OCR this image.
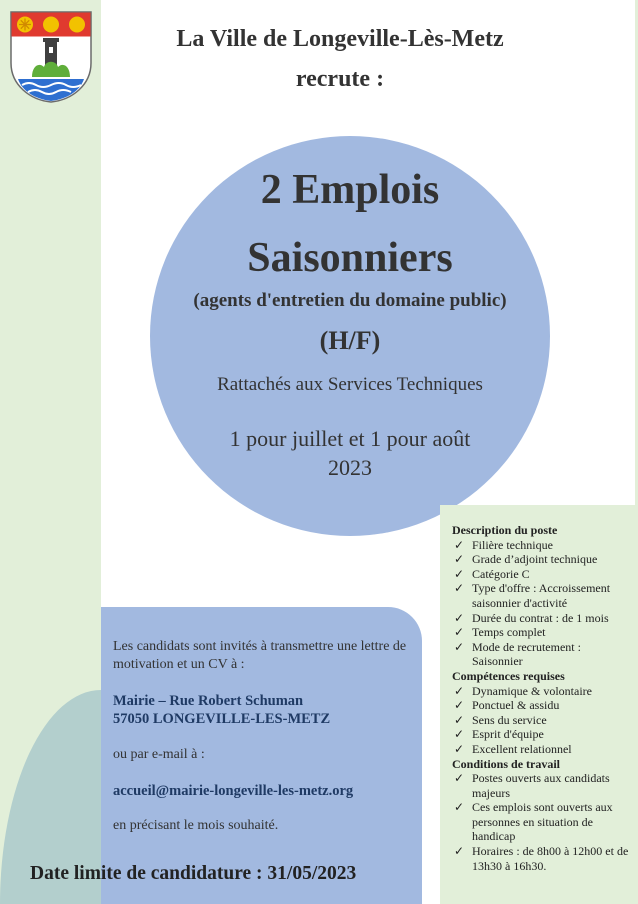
La Ville de Longeville-Lès-Metz
recrute :
2 Emplois
Saisonniers
(agents d'entretien du domaine public)
(H/F)
Rattachés aux Services Techniques
1 pour juillet et 1 pour août
2023
Description du poste
✓ Filière technique
✓ Grade d’adjoint technique
✓ Catégorie C
✓ Type d'offre : Accroissement saisonnier d'activité
✓ Durée du contrat : de 1 mois
✓ Temps complet
✓ Mode de recrutement : Saisonnier
Compétences requises
✓ Dynamique & volontaire
✓ Ponctuel & assidu
✓ Sens du service
✓ Esprit d'équipe
✓ Excellent relationnel
Conditions de travail
✓ Postes ouverts aux candidats majeurs
✓ Ces emplois sont ouverts aux personnes en situation de handicap
✓ Horaires : de 8h00 à 12h00 et de 13h30 à 16h30.
Les candidats sont invités à transmettre une lettre de motivation et un CV à :
Mairie – Rue Robert Schuman
57050 LONGEVILLE-LES-METZ
ou par e-mail à :
accueil@mairie-longeville-les-metz.org
en précisant le mois souhaité.
Date limite de candidature : 31/05/2023
